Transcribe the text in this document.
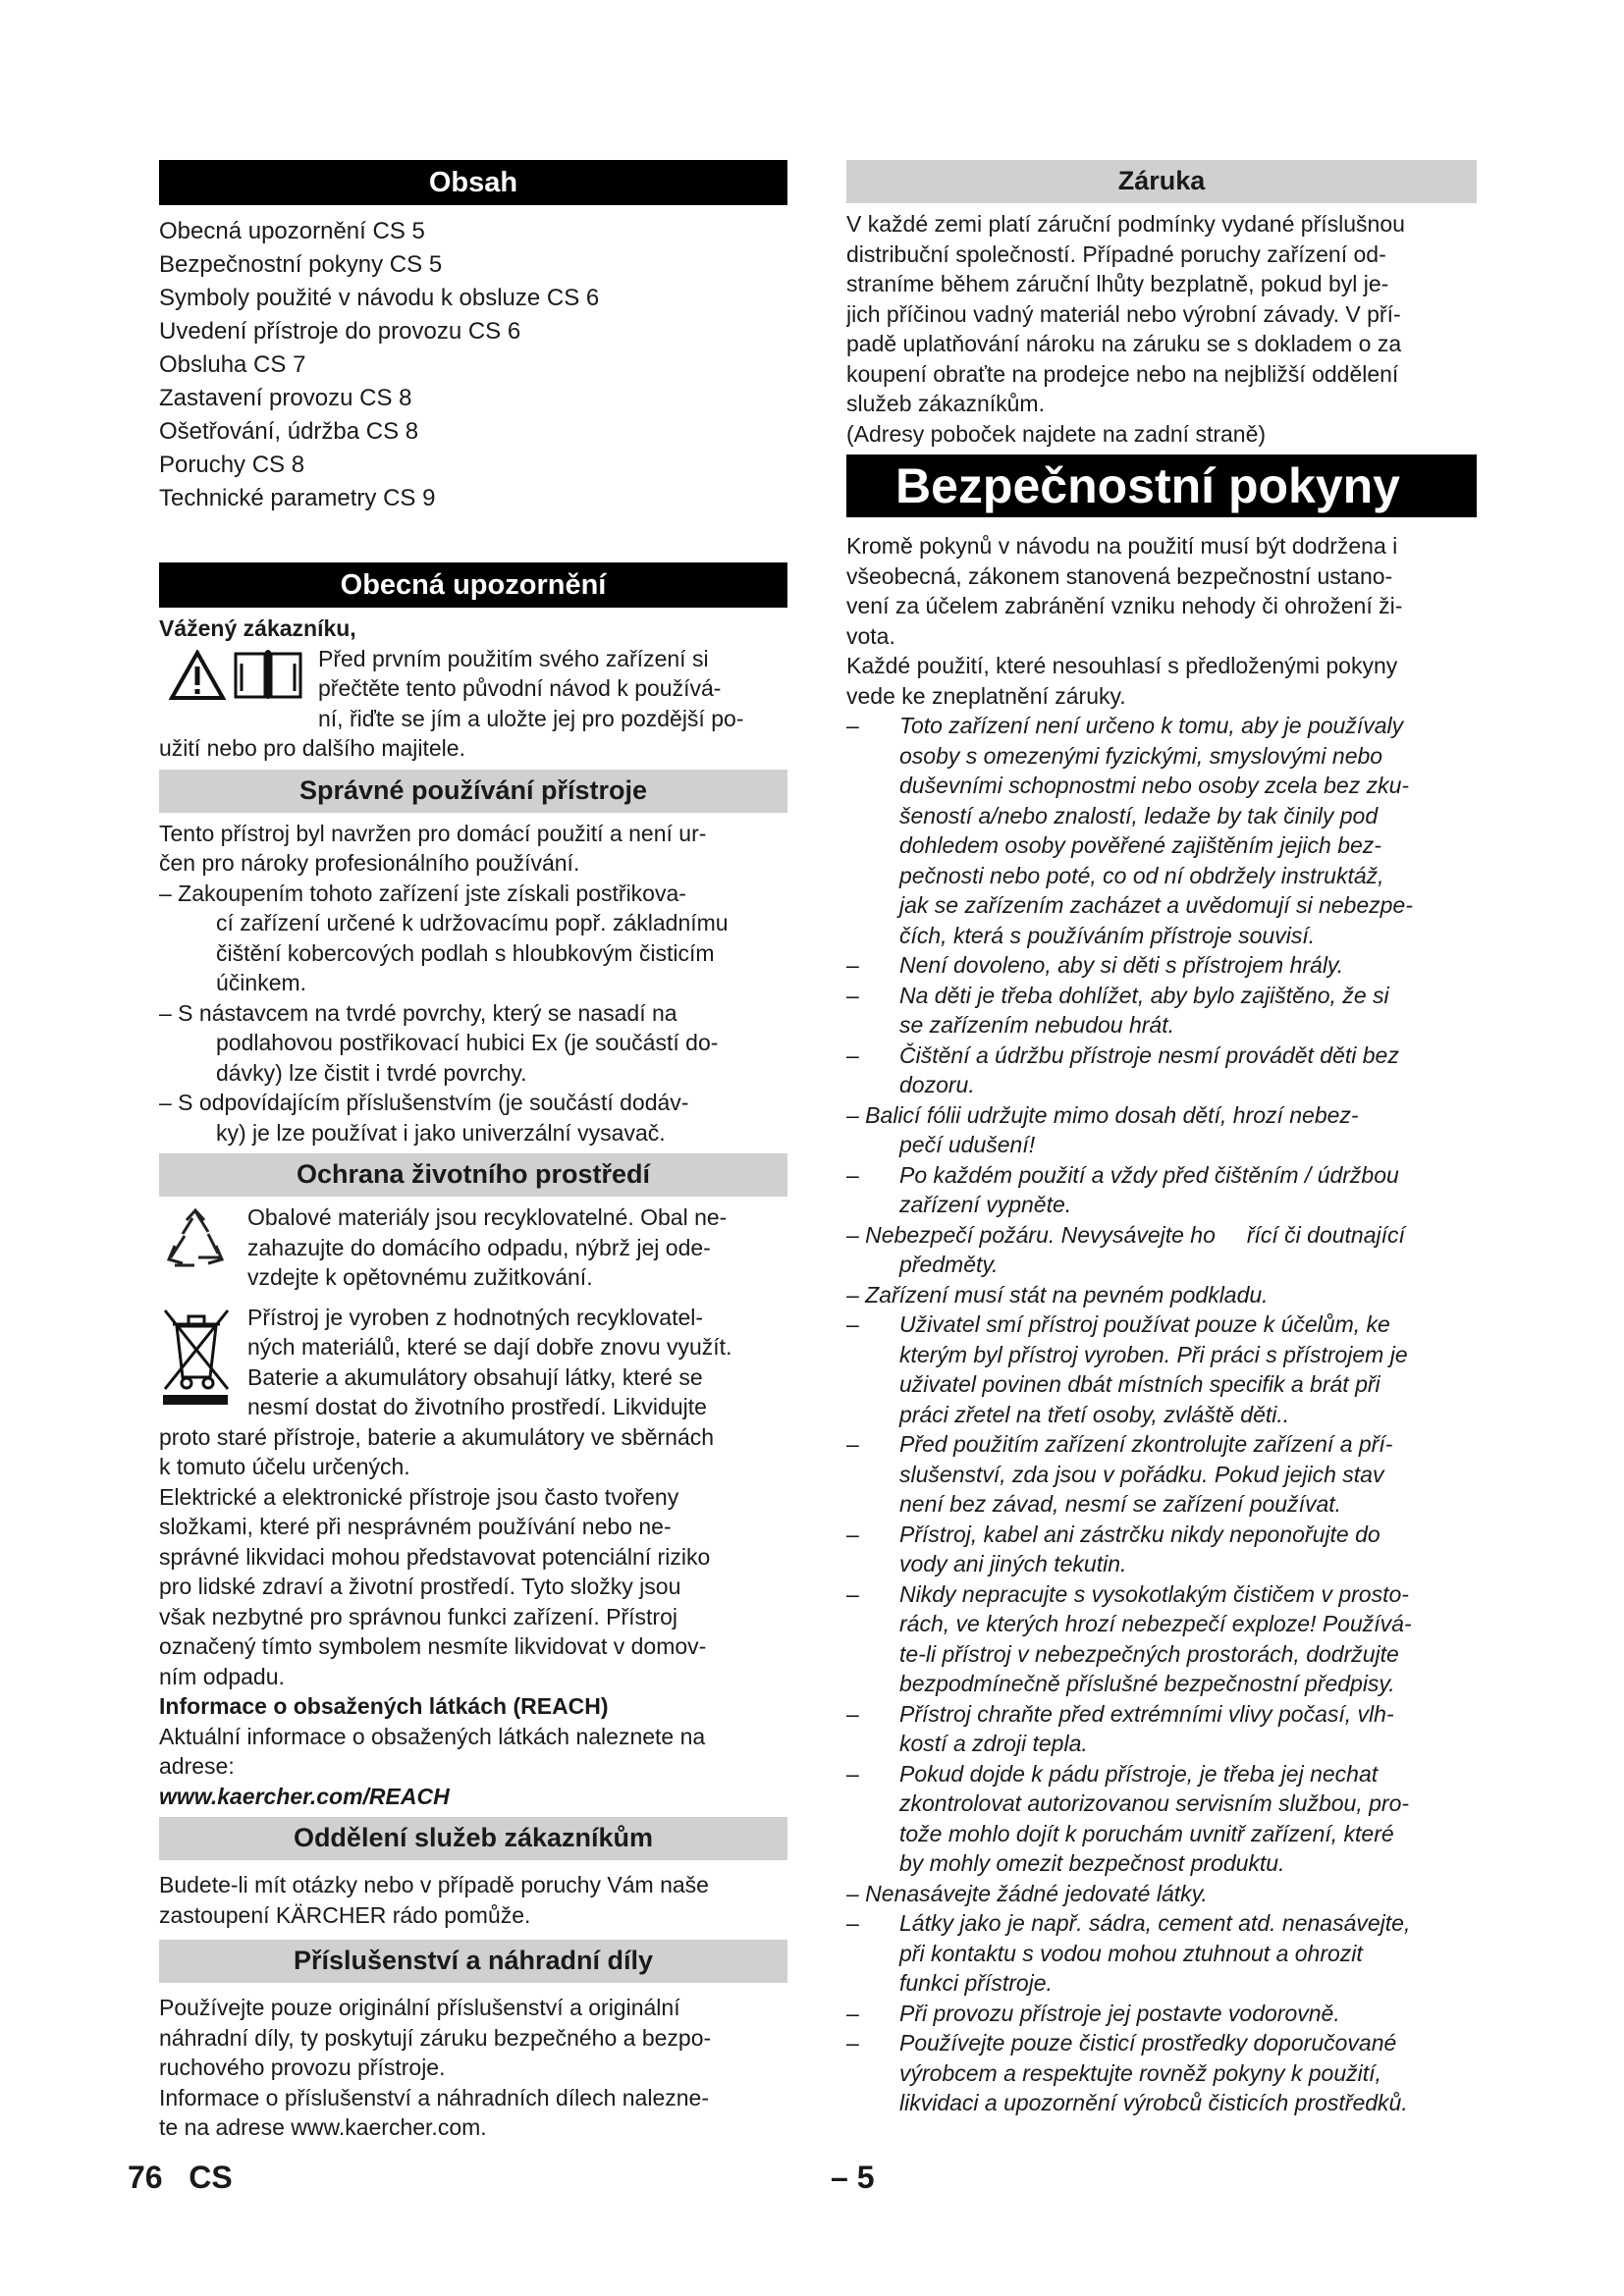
Obsah

Obecná upozornění CS 5

Bezpečnostní pokyny CS 5

Symboly použité v návodu k obsluze CS 6

Uvedení přístroje do provozu CS 6

Obsluha CS 7

Zastavení provozu CS 8

Ošetřování, údržba CS 8

Poruchy CS 8

Technické parametry CS 9

Obecná upozornění

Vážený zákazníku,

Před prvním použitím svého zařízení si

přečtěte tento původní návod k používá-

ní, řiďte se jím a uložte jej pro pozdější po-

užití nebo pro dalšího majitele.

Správné používání přístroje

Tento přístroj byl navržen pro domácí použití a není ur-

čen pro nároky profesionálního používání.

– Zakoupením tohoto zařízení jste získali postřikova-

cí zařízení určené k udržovacímu popř. základnímu

čištění kobercových podlah s hloubkovým čisticím

účinkem.

– S nástavcem na tvrdé povrchy, který se nasadí na

podlahovou postřikovací hubici Ex (je součástí do-

dávky) lze čistit i tvrdé povrchy.

– S odpovídajícím příslušenstvím (je součástí dodáv-

ky) je lze používat i jako univerzální vysavač.

Ochrana životního prostředí

Obalové materiály jsou recyklovatelné. Obal ne-

zahazujte do domácího odpadu, nýbrž jej ode-

vzdejte k opětovnému zužitkování.

Přístroj je vyroben z hodnotných recyklovatel-

ných materiálů, které se dají dobře znovu využít.

Baterie a akumulátory obsahují látky, které se

nesmí dostat do životního prostředí. Likvidujte

proto staré přístroje, baterie a akumulátory ve sběrnách

k tomuto účelu určených.

Elektrické a elektronické přístroje jsou často tvořeny

složkami, které při nesprávném používání nebo ne-

správné likvidaci mohou představovat potenciální riziko

pro lidské zdraví a životní prostředí. Tyto složky jsou

však nezbytné pro správnou funkci zařízení. Přístroj

označený tímto symbolem nesmíte likvidovat v domov-

ním odpadu.

Informace o obsažených látkách (REACH)

Aktuální informace o obsažených látkách naleznete na

adrese:

www.kaercher.com/REACH

Oddělení služeb zákazníkům

Budete-li mít otázky nebo v případě poruchy Vám naše

zastoupení KÄRCHER rádo pomůže.

Příslušenství a náhradní díly

Používejte pouze originální příslušenství a originální

náhradní díly, ty poskytují záruku bezpečného a bezpo-

ruchového provozu přístroje.

Informace o příslušenství a náhradních dílech nalezne-

te na adrese www.kaercher.com.

Záruka

V každé zemi platí záruční podmínky vydané příslušnou

distribuční společností. Případné poruchy zařízení od-

straníme během záruční lhůty bezplatně, pokud byl je-

jich příčinou vadný materiál nebo výrobní závady. V pří-

padě uplatňování nároku na záruku se s dokladem o za

koupení obraťte na prodejce nebo na nejbližší oddělení

služeb zákazníkům.

(Adresy poboček najdete na zadní straně)

Bezpečnostní pokyny

Kromě pokynů v návodu na použití musí být dodržena i

všeobecná, zákonem stanovená bezpečnostní ustano-

vení za účelem zabránění vzniku nehody či ohrožení ži-

vota.

Každé použití, které nesouhlasí s předloženými pokyny

vede ke zneplatnění záruky.

– Toto zařízení není určeno k tomu, aby je používaly

osoby s omezenými fyzickými, smyslovými nebo

duševními schopnostmi nebo osoby zcela bez zku-

šeností a/nebo znalostí, ledaže by tak činily pod

dohledem osoby pověřené zajištěním jejich bez-

pečnosti nebo poté, co od ní obdržely instruktáž,

jak se zařízením zacházet a uvědomují si nebezpe-

čích, která s používáním přístroje souvisí.

– Není dovoleno, aby si děti s přístrojem hrály.

– Na děti je třeba dohlížet, aby bylo zajištěno, že si

se zařízením nebudou hrát.

– Čištění a údržbu přístroje nesmí provádět děti bez

dozoru.

– Balicí fólii udržujte mimo dosah dětí, hrozí nebez-

pečí udušení!

– Po každém použití a vždy před čištěním / údržbou

zařízení vypněte.

– Nebezpečí požáru. Nevysávejte ho     řící či doutnající

předměty.

– Zařízení musí stát na pevném podkladu.

– Uživatel smí přístroj používat pouze k účelům, ke

kterým byl přístroj vyroben. Při práci s přístrojem je

uživatel povinen dbát místních specifik a brát při

práci zřetel na třetí osoby, zvláště děti..

– Před použitím zařízení zkontrolujte zařízení a pří-

slušenství, zda jsou v pořádku. Pokud jejich stav

není bez závad, nesmí se zařízení používat.

– Přístroj, kabel ani zástrčku nikdy neponořujte do

vody ani jiných tekutin.

– Nikdy nepracujte s vysokotlakým čističem v prosto-

rách, ve kterých hrozí nebezpečí exploze! Používá-

te-li přístroj v nebezpečných prostorách, dodržujte

bezpodmínečně příslušné bezpečnostní předpisy.

– Přístroj chraňte před extrémními vlivy počasí, vlh-

kostí a zdroji tepla.

– Pokud dojde k pádu přístroje, je třeba jej nechat

zkontrolovat autorizovanou servisním službou, pro-

tože mohlo dojít k poruchám uvnitř zařízení, které

by mohly omezit bezpečnost produktu.

– Nenasávejte žádné jedovaté látky.

– Látky jako je např. sádra, cement atd. nenasávejte,

při kontaktu s vodou mohou ztuhnout a ohrozit

funkci přístroje.

– Při provozu přístroje jej postavte vodorovně.

– Používejte pouze čisticí prostředky doporučované

výrobcem a respektujte rovněž pokyny k použití,

likvidaci a upozornění výrobců čisticích prostředků.

76   CS	– 5
